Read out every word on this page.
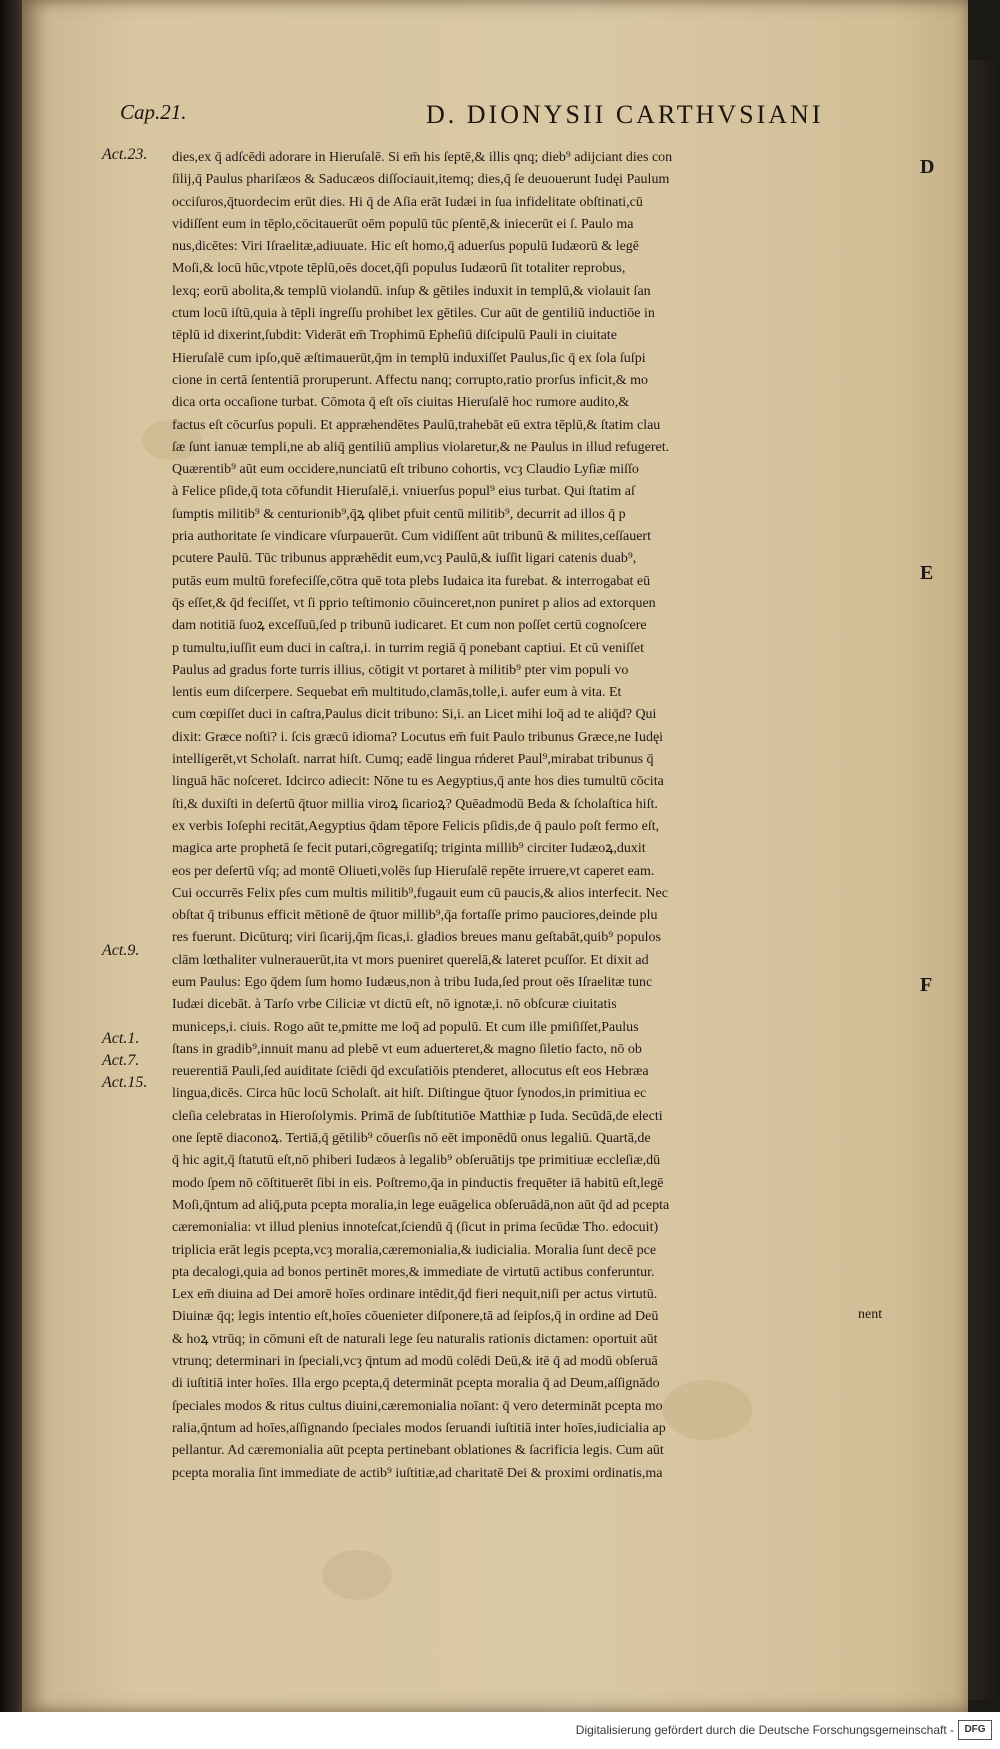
Cap.21.	D. DIONYSII CARTHVSIANI
Act.23.
Act.9.
Act.1.
Act.7.
Act.15.
D
E
F
dies,ex q̄ adſcēdi adorare in Hieruſalē. Si em̄ his ſeptē,& illis qnq; dieb⁹ adijciant dies con
ſilij,q̄ Paulus phariſæos & Saducæos diſſociauit,itemq; dies,q̄ ſe deuouerunt Iudęi Paulum
occiſuros,q̄tuordecim erūt dies. Hi q̄ de Aſia erāt Iudæi in ſua infidelitate obſtinati,cū
vidiſſent eum in tēplo,cōcitauerūt oēm populū tūc pſentē,& iniecerūt ei ſ. Paulo ma
nus,dicētes: Viri Iſraelitæ,adiuuate. Hic eſt homo,q̄ aduerſus populū Iudæorū & legē
Moſi,& locū hūc,vtpote tēplū,oēs docet,q̄ſi populus Iudæorū ſit totaliter reprobus,
lexq; eorū abolita,& templū violandū. inſup & gētiles induxit in templū,& violauit ſan
ctum locū iſtū,quia à tēpli ingreſſu prohibet lex gētiles. Cur aūt de gentiliū inductiōe in
tēplū id dixerint,ſubdit: Viderāt em̄ Trophimū Epheſiū diſcipulū Pauli in ciuitate
Hieruſalē cum ipſo,quē æſtimauerūt,q̄m in templū induxiſſet Paulus,ſic q̄ ex ſola ſuſpi
cione in certā ſententiā proruperunt. Affectu nanq; corrupto,ratio prorſus inficit,& mo
dica orta occaſione turbat. Cōmota q̄ eſt oīs ciuitas Hieruſalē hoc rumore audito,&
factus eſt cōcurſus populi. Et appræhendētes Paulū,trahebāt eū extra tēplū,& ſtatim clau
ſæ ſunt ianuæ templi,ne ab aliq̄ gentiliū amplius violaretur,& ne Paulus in illud refugeret.
Quærentib⁹ aūt eum occidere,nunciatū eſt tribuno cohortis, vcȝ Claudio Lyſiæ miſſo
à Felice pſide,q̄ tota cōfundit Hieruſalē,i. vniuerſus popul⁹ eius turbat. Qui ſtatim aſ
ſumptis militib⁹ & centurionib⁹,q̄ꝝ qlibet pfuit centū militib⁹, decurrit ad illos q̄ p
pria authoritate ſe vindicare vſurpauerūt. Cum vidiſſent aūt tribunū & milites,ceſſauert
pcutere Paulū. Tūc tribunus appræhēdit eum,vcȝ Paulū,& iuſſit ligari catenis duab⁹,
putās eum multū forefeciſſe,cōtra quē tota plebs Iudaica ita furebat. & interrogabat eū
q̄s eſſet,& q̄d feciſſet, vt ſi pprio teſtimonio cōuinceret,non puniret p alios ad extorquen
dam notitiā ſuoꝝ exceſſuū,ſed p tribunū iudicaret. Et cum non poſſet certū cognoſcere
p tumultu,iuſſit eum duci in caſtra,i. in turrim regiā q̄ ponebant captiui. Et cū veniſſet
Paulus ad gradus forte turris illius, cōtigit vt portaret à militib⁹ pter vim populi vo
lentis eum diſcerpere. Sequebat em̄ multitudo,clamās,tolle,i. aufer eum à vita. Et
cum cœpiſſet duci in caſtra,Paulus dicit tribuno: Si,i. an Licet mihi loq̄ ad te aliq̄d? Qui
dixit: Græce noſti? i. ſcis græcū idioma? Locutus em̄ fuit Paulo tribunus Græce,ne Iudęi
intelligerēt,vt Scholaſt. narrat hiſt. Cumq; eadē lingua rńderet Paul⁹,mirabat tribunus q̄
linguā hāc noſceret. Idcirco adiecit: Nōne tu es Aegyptius,q̄ ante hos dies tumultū cōcita
ſti,& duxiſti in deſertū q̄tuor millia viroꝝ ſicarioꝝ? Quēadmodū Beda & ſcholaſtica hiſt.
ex verbis Ioſephi recitāt,Aegyptius q̄dam tēpore Felicis pſidis,de q̄ paulo poſt fermo eſt,
magica arte prophetā ſe fecit putari,cōgregatiſq; triginta millib⁹ circiter Iudæoꝝ,duxit
eos per deſertū vſq; ad montē Oliueti,volēs ſup Hieruſalē repēte irruere,vt caperet eam.
Cui occurrēs Felix pſes cum multis militib⁹,fugauit eum cū paucis,& alios interfecit. Nec
obſtat q̄ tribunus efficit mētionē de q̄tuor millib⁹,q̄a fortaſſe primo pauciores,deinde plu
res fuerunt. Dicūturq; viri ſicarij,q̄m ſicas,i. gladios breues manu geſtabāt,quib⁹ populos
clām lœthaliter vulnerauerūt,ita vt mors pueniret querelā,& lateret pcuſſor. Et dixit ad
eum Paulus: Ego q̄dem ſum homo Iudæus,non à tribu Iuda,ſed prout oēs Iſraelitæ tunc
Iudæi dicebāt. à Tarſo vrbe Ciliciæ vt dictū eſt, nō ignotæ,i. nō obſcuræ ciuitatis
municeps,i. ciuis. Rogo aūt te,pmitte me loq̄ ad populū. Et cum ille pmiſiſſet,Paulus
ſtans in gradib⁹,innuit manu ad plebē vt eum aduerteret,& magno ſiletio facto, nō ob
reuerentiā Pauli,ſed auiditate ſciēdi q̄d excuſatiōis ptenderet, allocutus eſt eos Hebræa
lingua,dicēs. Circa hūc locū Scholaſt. ait hiſt. Diſtingue q̄tuor ſynodos,in primitiua ec
cleſia celebratas in Hieroſolymis. Primā de ſubſtitutiōe Matthiæ p Iuda. Secūdā,de electi
one ſeptē diaconoꝝ. Tertiā,q̄ gētilib⁹ cōuerſis nō eēt imponēdū onus legaliū. Quartā,de
q̄ hic agit,q̄ ſtatutū eſt,nō phiberi Iudæos à legalib⁹ obſeruātijs tpe primitiuæ eccleſiæ,dū
modo ſpem nō cōſtituerēt ſibi in eis. Poſtremo,q̄a in pinductis frequēter iā habitū eſt,legē
Moſi,q̄ntum ad aliq̄,puta pcepta moralia,in lege euāgelica obſeruādā,non aūt q̄d ad pcepta
cæremonialia: vt illud plenius innoteſcat,ſciendū q̄ (ſicut in prima ſecūdæ Tho. edocuit)
triplicia erāt legis pcepta,vcȝ moralia,cæremonialia,& iudicialia. Moralia ſunt decē pce
pta decalogi,quia ad bonos pertinēt mores,& immediate de virtutū actibus conferuntur.
Lex em̄ diuina ad Dei amorē hoīes ordinare intēdit,q̄d fieri nequit,niſi per actus virtutū.
Diuinæ q̄q; legis intentio eſt,hoīes cōuenieter diſponere,tā ad ſeipſos,q̄ in ordine ad Deū
& hoꝝ vtrūq; in cōmuni eſt de naturali lege ſeu naturalis rationis dictamen: oportuit aūt
vtrunq; determinari in ſpeciali,vcȝ q̄ntum ad modū colēdi Deū,& itē q̄ ad modū obſeruā
di iuſtitiā inter hoīes. Illa ergo pcepta,q̄ determināt pcepta moralia q̄ ad Deum,aſſignādo
ſpeciales modos & ritus cultus diuini,cæremonialia noīant: q̄ vero determināt pcepta mo
ralia,q̄ntum ad hoīes,aſſignando ſpeciales modos ſeruandi iuſtitiā inter hoīes,iudicialia ap
pellantur. Ad cæremonialia aūt pcepta pertinebant oblationes & ſacrificia legis. Cum aūt
pcepta moralia ſint immediate de actib⁹ iuſtitiæ,ad charitatē Dei & proximi ordinatis,ma
nent
Digitalisierung gefördert durch die Deutsche Forschungsgemeinschaft -	DFG
